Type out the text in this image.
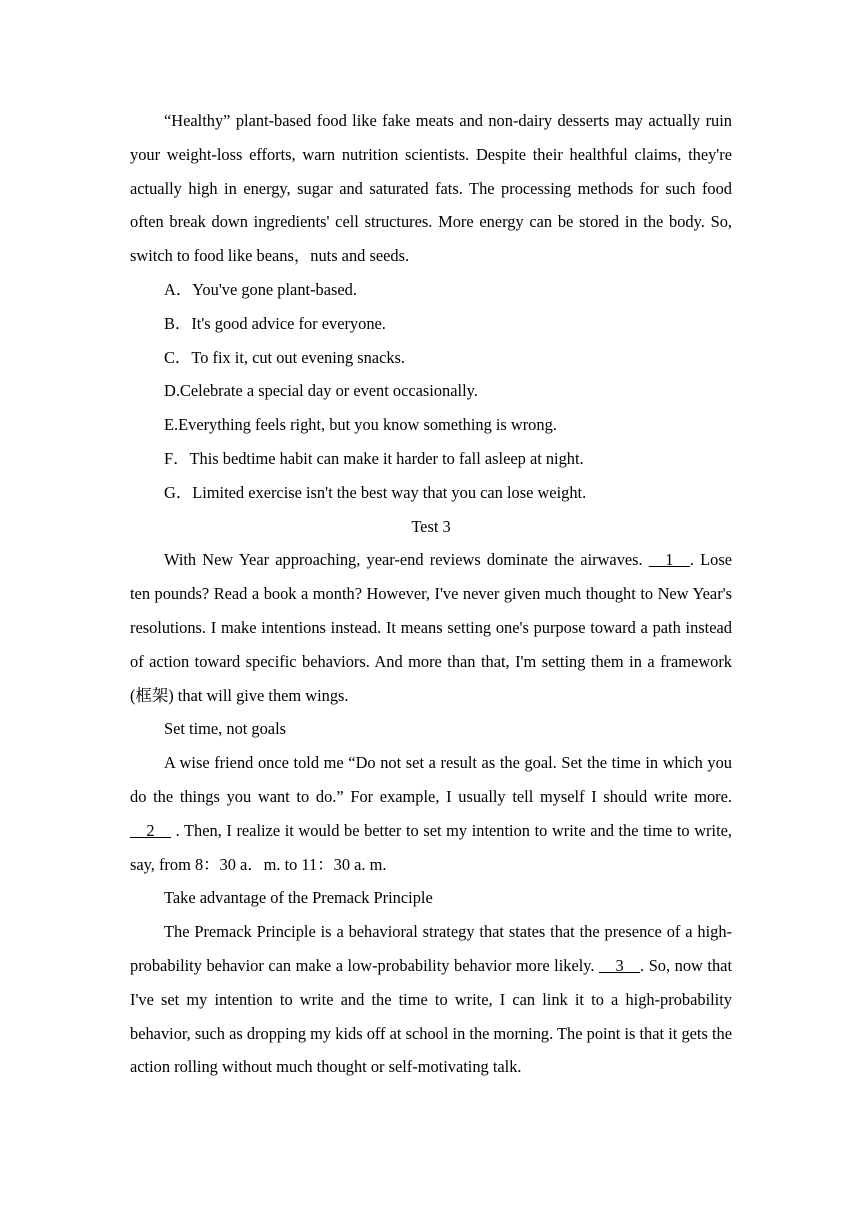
“Healthy” plant-based food like fake meats and non-dairy desserts may actually ruin your weight-loss efforts, warn nutrition scientists. Despite their healthful claims, they're actually high in energy, sugar and saturated fats. The processing methods for such food often break down ingredients' cell structures. More energy can be stored in the body. So, switch to food like beans，nuts and seeds.

A．You've gone plant-based.

B．It's good advice for everyone.

C．To fix it, cut out evening snacks.

D.Celebrate a special day or event occasionally.

E.Everything feels right, but you know something is wrong.

F．This bedtime habit can make it harder to fall asleep at night.

G．Limited exercise isn't the best way that you can lose weight.

Test 3

With New Year approaching, year-end reviews dominate the airwaves. __1__. Lose ten pounds? Read a book a month? However, I've never given much thought to New Year's resolutions. I make intentions instead. It means setting one's purpose toward a path instead of action toward specific behaviors. And more than that, I'm setting them in a framework (框架) that will give them wings.

Set time, not goals

A wise friend once told me “Do not set a result as the goal. Set the time in which you do the things you want to do.” For example, I usually tell myself I should write more. __2__ . Then, I realize it would be better to set my intention to write and the time to write, say, from 8：30 a．m. to 11：30 a. m.

Take advantage of the Premack Principle

The Premack Principle is a behavioral strategy that states that the presence of a high-probability behavior can make a low-probability behavior more likely. __3__. So, now that I've set my intention to write and the time to write, I can link it to a high-probability behavior, such as dropping my kids off at school in the morning. The point is that it gets the action rolling without much thought or self-motivating talk.
